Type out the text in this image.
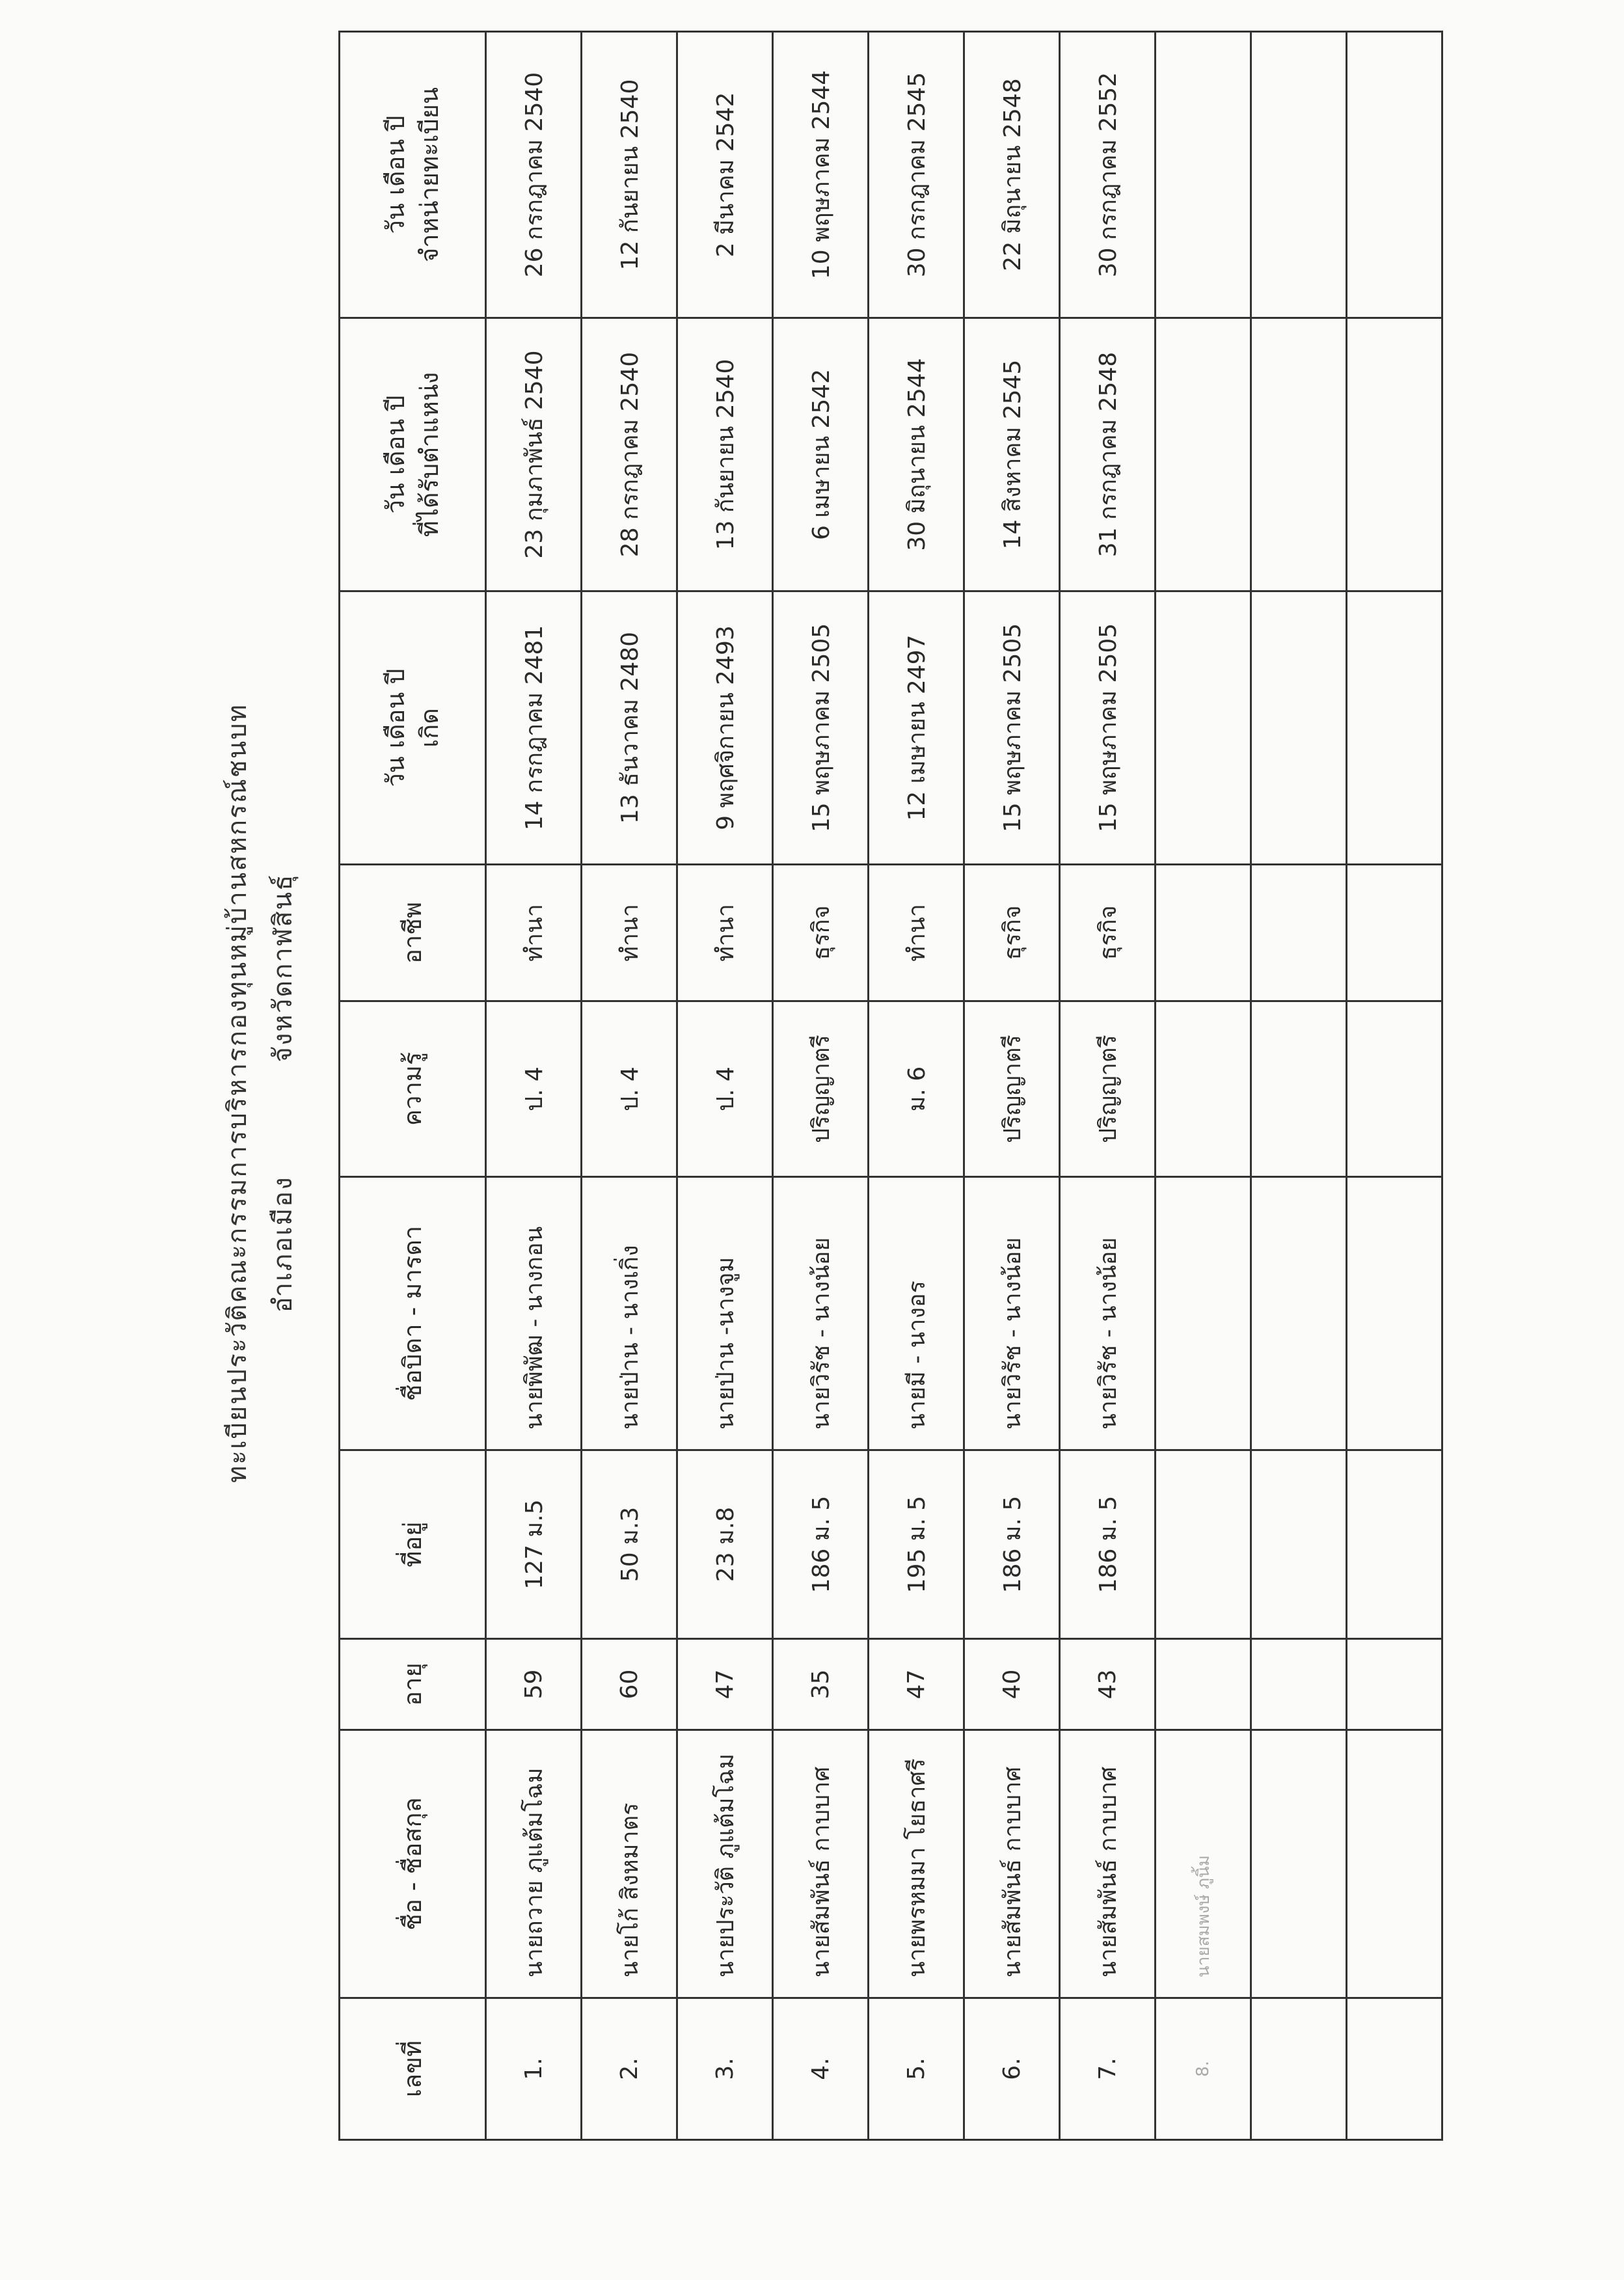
ทะเบียนประวัติคณะกรรมการบริหารกองทุนหมู่บ้านสหกรณ์ชนบท อำเภอเมือง จังหวัดกาฬสินธุ์
เลขที่	ชื่อ - ชื่อสกุล	อายุ	ที่อยู่	ชื่อบิดา - มารดา	ความรู้	อาชีพ	วัน เดือน ปี เกิด	วัน เดือน ปี ที่ได้รับตำแหน่ง	วัน เดือน ปี จำหน่ายทะเบียน

1.	นายถวาย ภูแต้มโฉม	59	127 ม.5	นายพิพัฒ - นางกอน	ป. 4	ทำนา	14 กรกฎาคม 2481	23 กุมภาพันธ์ 2540	26 กรกฎาคม 2540
2.	นายโก้ สิงหมาตร	60	50 ม.3	นายป่าน - นางเกิ่ง	ป. 4	ทำนา	13 ธันวาคม 2480	28 กรกฎาคม 2540	12 กันยายน 2540
3.	นายประวัติ ภูแต้มโฉม	47	23 ม.8	นายป่าน -นางจูม	ป. 4	ทำนา	9 พฤศจิกายน 2493	13 กันยายน 2540	2 มีนาคม 2542
4.	นายสัมพันธ์ กาบบาศ	35	186 ม. 5	นายวิรัช - นางน้อย	ปริญญาตรี	ธุรกิจ	15 พฤษภาคม 2505	6 เมษายน 2542	10 พฤษภาคม 2544
5.	นายพรหมมา โยธาศรี	47	195 ม. 5	นายมี - นางอร	ม. 6	ทำนา	12 เมษายน 2497	30 มิถุนายน 2544	30 กรกฎาคม 2545
6.	นายสัมพันธ์ กาบบาศ	40	186 ม. 5	นายวิรัช - นางน้อย	ปริญญาตรี	ธุรกิจ	15 พฤษภาคม 2505	14 สิงหาคม 2545	22 มิถุนายน 2548
7.	นายสัมพันธ์ กาบบาศ	43	186 ม. 5	นายวิรัช - นางน้อย	ปริญญาตรี	ธุรกิจ	15 พฤษภาคม 2505	31 กรกฎาคม 2548	30 กรกฎาคม 2552
8.	นายสมพงษ์ ภูนิ้ม								
